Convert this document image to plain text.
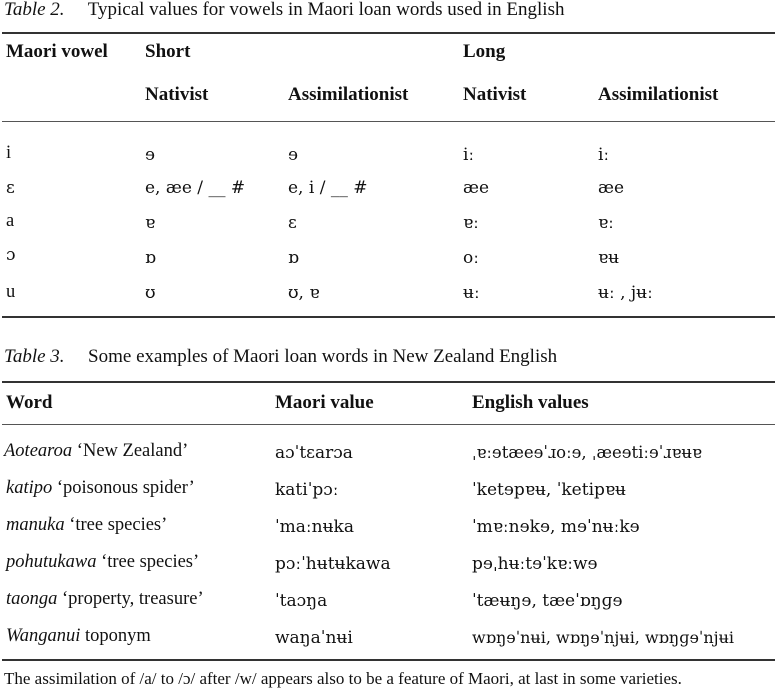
Table 2. Typical values for vowels in Maori loan words used in English
Maori vowel Short	Long
Nativist	Assimilationist	Nativist	Assimilationist
i	ɘ	ɘ	iː	iː
ɛ	e, æe / __ #	e, i / __ #	æe	æe
a	ɐ	ɛ	ɐː	ɐː
ɔ	ɒ	ɒ	oː	ɐʉ
u	ʊ	ʊ, ɐ	ʉː	ʉː , jʉː
Table 3. Some examples of Maori loan words in New Zealand English
Word	Maori value	English values
Aotearoa ‘New Zealand’	aɔˈtɛarɔa	ˌɐːɘtæeɘˈɹoːɘ, ˌæeɘtiːɘˈɹɐʉɐ
katipo ‘poisonous spider’	katiˈpɔː	ˈketɘpɐʉ, ˈketipɐʉ
manuka ‘tree species’	ˈmaːnʉka	ˈmɐːnɘkɘ, mɘˈnʉːkɘ
pohutukawa ‘tree species’	pɔːˈhʉtʉkawa	pɘˌhʉːtɘˈkɐːwɘ
taonga ‘property, treasure’	ˈtaɔŋa	ˈtæʉŋɘ, tæeˈɒŋɡɘ
Wanganui toponym	waŋaˈnʉi	wɒŋɘˈnʉi, wɒŋɘˈnjʉi, wɒŋɡɘˈnjʉi
The assimilation of /a/ to /ɔ/ after /w/ appears also to be a feature of Maori, at last in some varieties.
